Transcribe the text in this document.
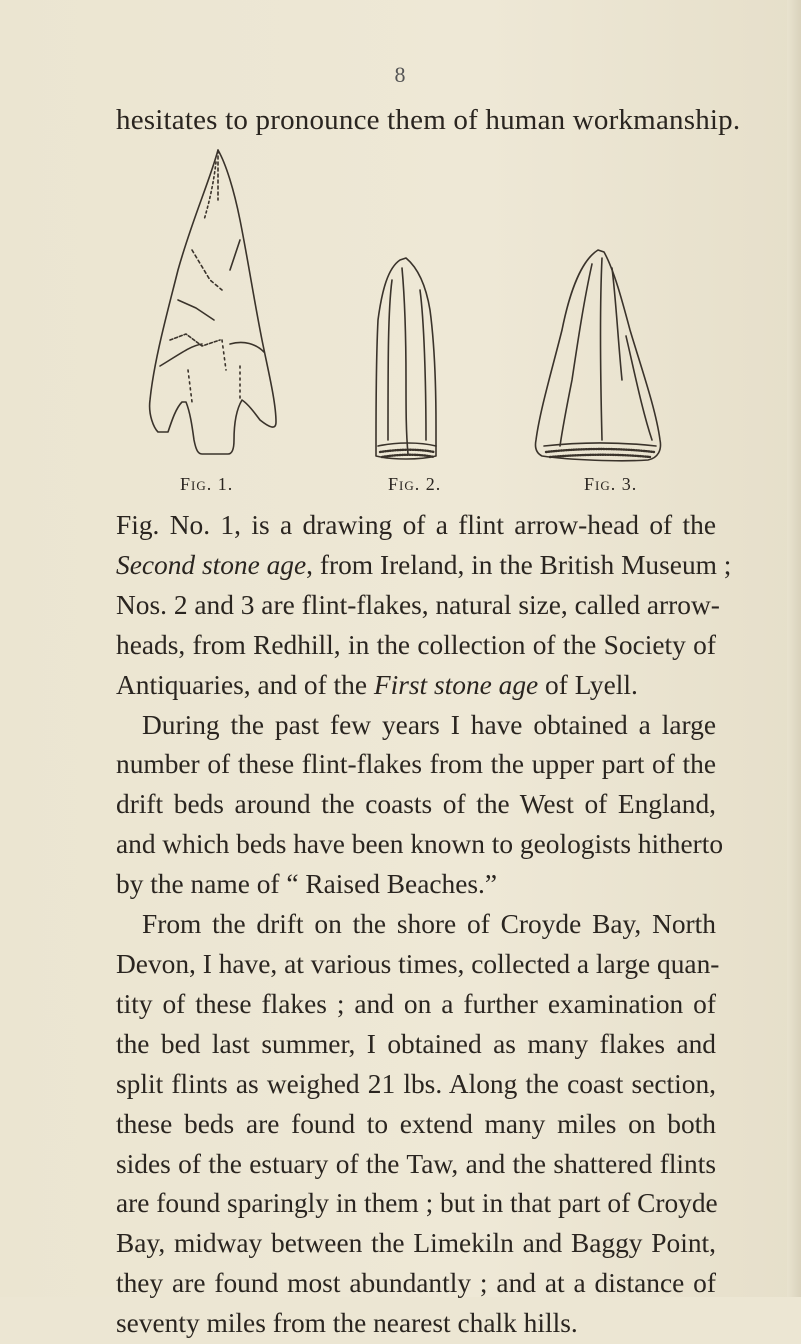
8
hesitates to pronounce them of human workmanship.
Fig. 1.	Fig. 2.	Fig. 3.
Fig. No. 1, is a drawing of a flint arrow-head of the
Second stone age, from Ireland, in the British Museum ;
Nos. 2 and 3 are flint-flakes, natural size, called arrow-
heads, from Redhill, in the collection of the Society of
Antiquaries, and of the First stone age of Lyell.
During the past few years I have obtained a large
number of these flint-flakes from the upper part of the
drift beds around the coasts of the West of England,
and which beds have been known to geologists hitherto
by the name of “ Raised Beaches.”
From the drift on the shore of Croyde Bay, North
Devon, I have, at various times, collected a large quan-
tity of these flakes ; and on a further examination of
the bed last summer, I obtained as many flakes and
split flints as weighed 21 lbs. Along the coast section,
these beds are found to extend many miles on both
sides of the estuary of the Taw, and the shattered flints
are found sparingly in them ; but in that part of Croyde
Bay, midway between the Limekiln and Baggy Point,
they are found most abundantly ; and at a distance of
seventy miles from the nearest chalk hills.
